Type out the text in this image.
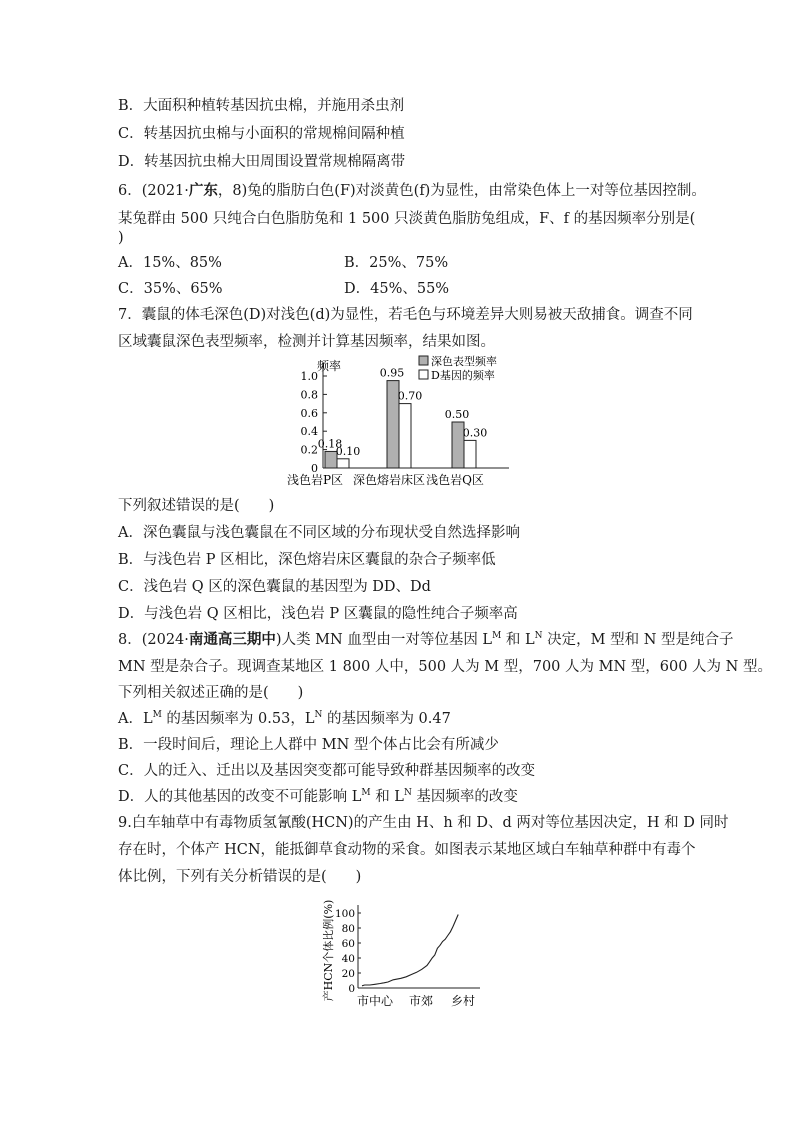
B．大面积种植转基因抗虫棉，并施用杀虫剂
C．转基因抗虫棉与小面积的常规棉间隔种植
D．转基因抗虫棉大田周围设置常规棉隔离带
6．(2021·广东，8)兔的脂肪白色(F)对淡黄色(f)为显性，由常染色体上一对等位基因控制。
某兔群由 500 只纯合白色脂肪兔和 1 500 只淡黄色脂肪兔组成，F、f 的基因频率分别是(
)
A．15%、85%	B．25%、75%
C．35%、65%	D．45%、55%
7．囊鼠的体毛深色(D)对浅色(d)为显性，若毛色与环境差异大则易被天敌捕食。调查不同
区域囊鼠深色表型频率，检测并计算基因频率，结果如图。
频率
0
0.2
0.4
0.6
0.8
1.0
浅色岩P区 深色熔岩床区 浅色岩Q区
0.18
0.10
0.95
0.70
0.50
0.30
深色表型频率
D基因的频率
下列叙述错误的是(　　)
A．深色囊鼠与浅色囊鼠在不同区域的分布现状受自然选择影响
B．与浅色岩 P 区相比，深色熔岩床区囊鼠的杂合子频率低
C．浅色岩 Q 区的深色囊鼠的基因型为 DD、Dd
D．与浅色岩 Q 区相比，浅色岩 P 区囊鼠的隐性纯合子频率高
8．(2024·南通高三期中)人类 MN 血型由一对等位基因 $L^M$ 和 $L^N$ 决定，M 型和 N 型是纯合子
MN 型是杂合子。现调查某地区 1 800 人中，500 人为 M 型，700 人为 MN 型，600 人为 N 型。
下列相关叙述正确的是(　　)
A．$L^M$ 的基因频率为 0.53，$L^N$ 的基因频率为 0.47
B．一段时间后，理论上人群中 MN 型个体占比会有所减少
C．人的迁入、迁出以及基因突变都可能导致种群基因频率的改变
D．人的其他基因的改变不可能影响 $L^M$ 和 $L^N$ 基因频率的改变
9.白车轴草中有毒物质氢氰酸(HCN)的产生由 H、h 和 D、d 两对等位基因决定，H 和 D 同时
存在时，个体产 HCN，能抵御草食动物的采食。如图表示某地区域白车轴草种群中有毒个
体比例，下列有关分析错误的是(　　)
0
20
40
60
80
100
产HCN个体比例(%) 市中心 市郊 乡村
